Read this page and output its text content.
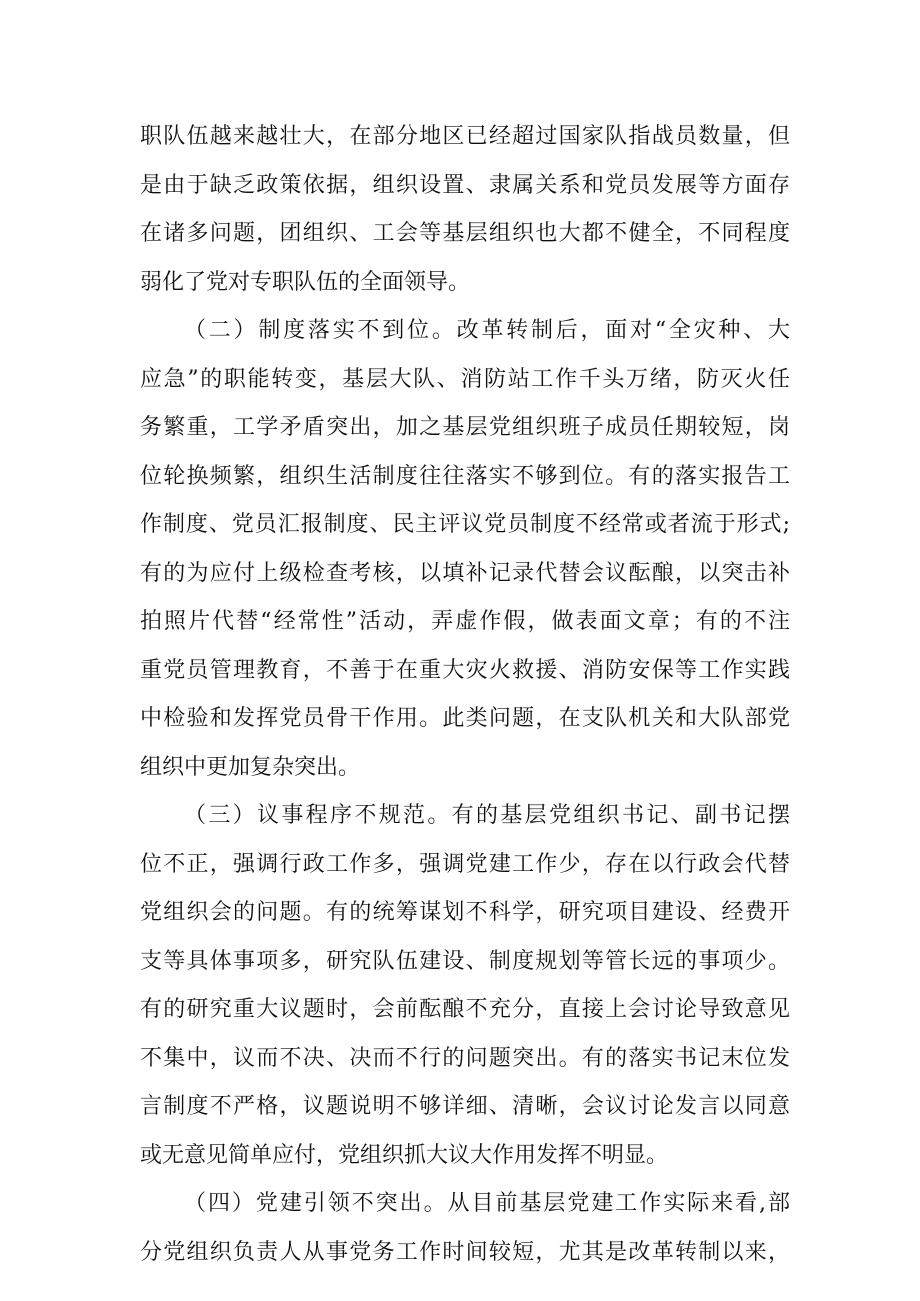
职队伍越来越壮大，在部分地区已经超过国家队指战员数量，但
是由于缺乏政策依据，组织设置、隶属关系和党员发展等方面存
在诸多问题，团组织、工会等基层组织也大都不健全，不同程度
弱化了党对专职队伍的全面领导。
（二）制度落实不到位。改革转制后，面对“全灾种、大
应急”的职能转变，基层大队、消防站工作千头万绪，防灭火任
务繁重，工学矛盾突出，加之基层党组织班子成员任期较短，岗
位轮换频繁，组织生活制度往往落实不够到位。有的落实报告工
作制度、党员汇报制度、民主评议党员制度不经常或者流于形式;
有的为应付上级检查考核，以填补记录代替会议酝酿，以突击补
拍照片代替“经常性”活动，弄虚作假，做表面文章；有的不注
重党员管理教育，不善于在重大灾火救援、消防安保等工作实践
中检验和发挥党员骨干作用。此类问题，在支队机关和大队部党
组织中更加复杂突出。
（三）议事程序不规范。有的基层党组织书记、副书记摆
位不正，强调行政工作多，强调党建工作少，存在以行政会代替
党组织会的问题。有的统筹谋划不科学，研究项目建设、经费开
支等具体事项多，研究队伍建设、制度规划等管长远的事项少。
有的研究重大议题时，会前酝酿不充分，直接上会讨论导致意见
不集中，议而不决、决而不行的问题突出。有的落实书记末位发
言制度不严格，议题说明不够详细、清晰，会议讨论发言以同意
或无意见简单应付，党组织抓大议大作用发挥不明显。
（四）党建引领不突出。从目前基层党建工作实际来看,部
分党组织负责人从事党务工作时间较短，尤其是改革转制以来，
